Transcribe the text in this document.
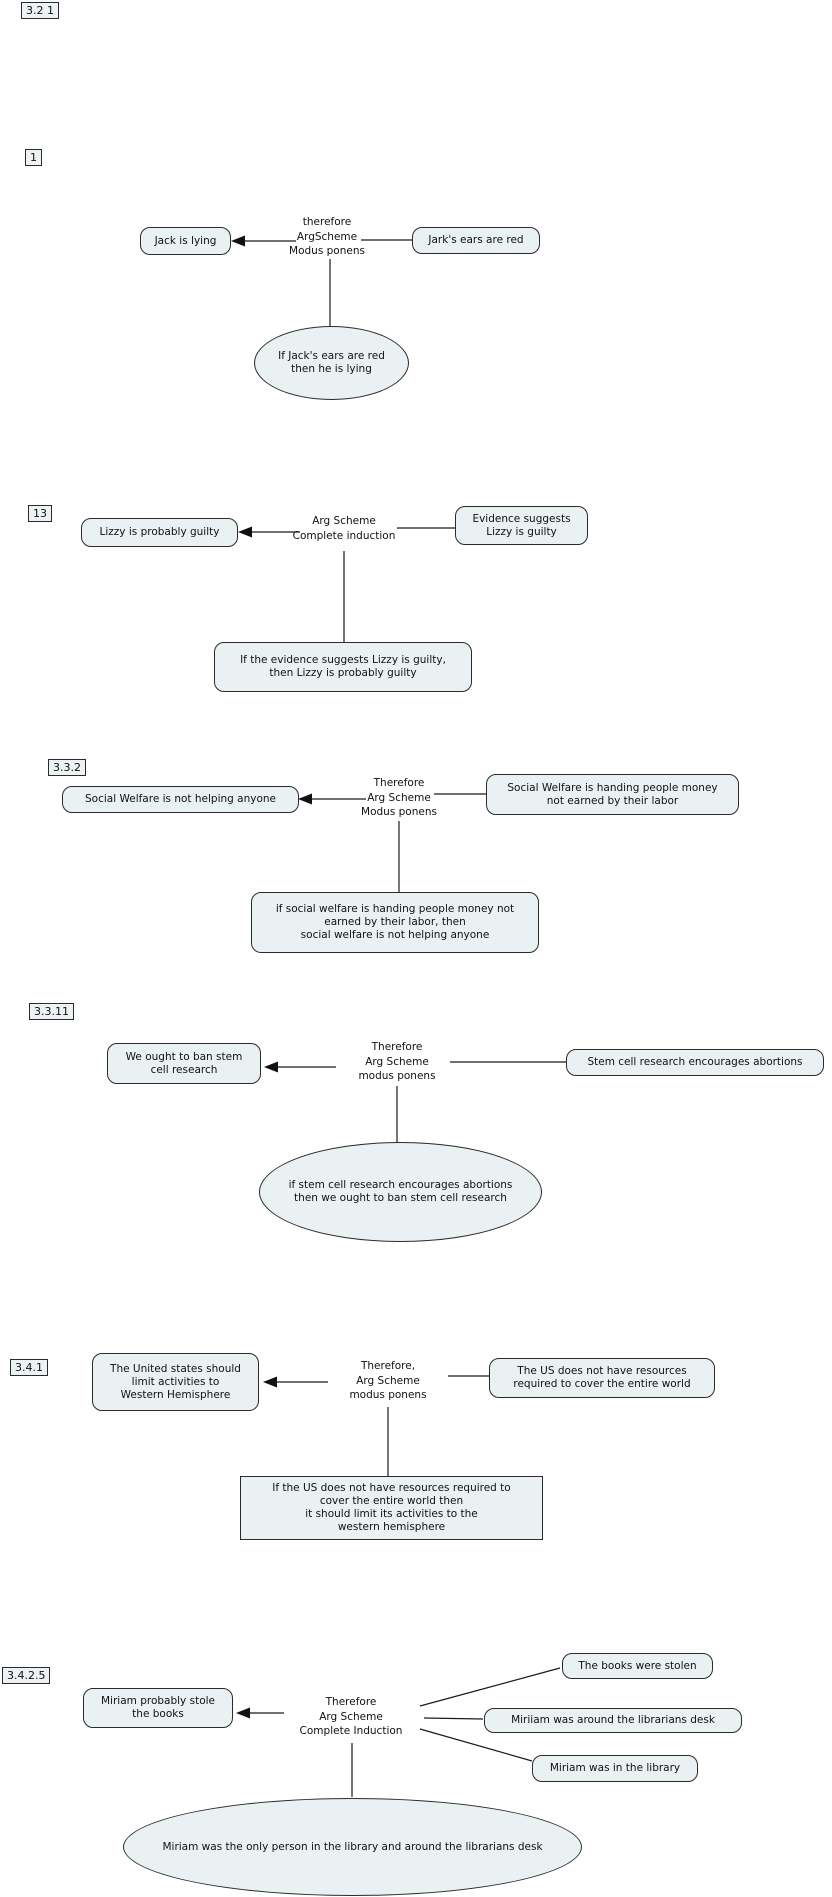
3.2 1
1
Jack is lying
therefore
ArgScheme
Modus ponens
Jark's ears are red
If Jack's ears are red
then he is lying
13
Lizzy is probably guilty
Arg Scheme
Complete induction
Evidence suggests
Lizzy is guilty
If the evidence suggests Lizzy is guilty,
then Lizzy is probably guilty
3.3.2
Social Welfare is not helping anyone
Therefore
Arg Scheme
Modus ponens
Social Welfare is handing people money
not earned by their labor
if social welfare is handing people money not
earned by their labor, then
social welfare is not helping anyone
3.3.11
We ought to ban stem
cell research
Therefore
Arg Scheme
modus ponens
Stem cell research encourages abortions
if stem cell research encourages abortions
then we ought to ban stem cell research
3.4.1	The United states should
limit activities to
Western Hemisphere
Therefore,
Arg Scheme
modus ponens
The US does not have resources
required to cover the entire world
If the US does not have resources required to
cover the entire world then
it should limit its activities to the
western hemisphere
3.4.2.5
Miriam probably stole
the books
Therefore
Arg Scheme
Complete Induction
The books were stolen
Miriiam was around the librarians desk
Miriam was in the library
Miriam was the only person in the library and around the librarians desk
